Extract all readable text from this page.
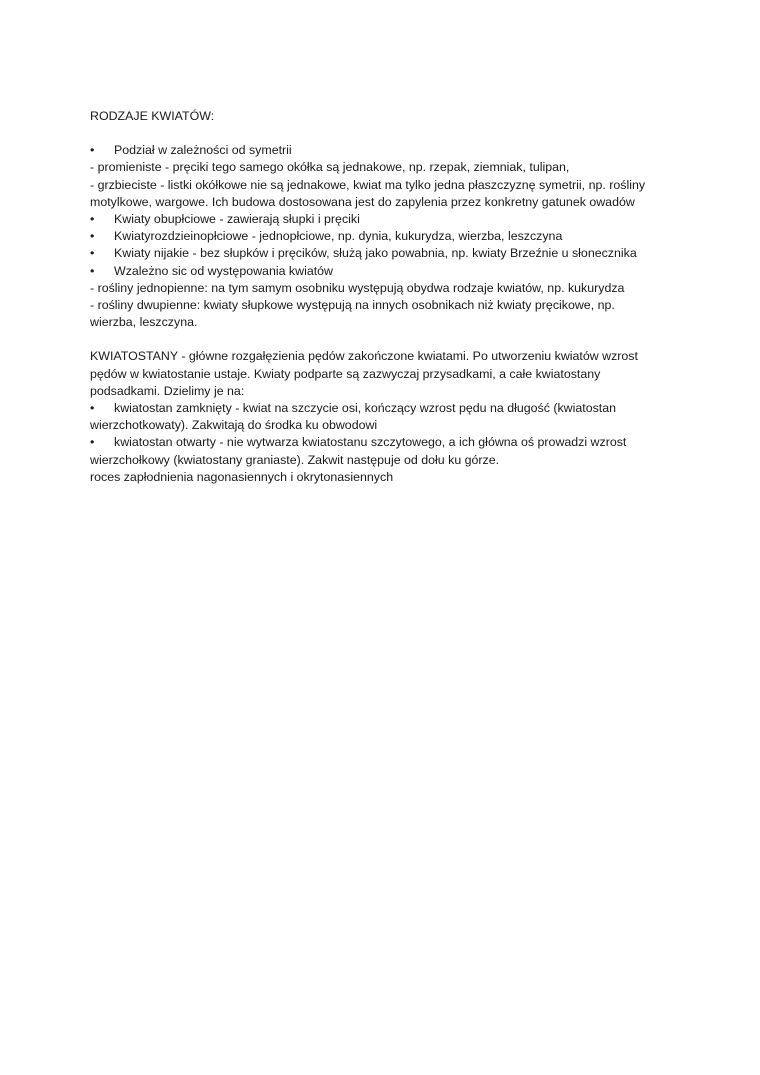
RODZAJE KWIATÓW:
•	Podział w zależności od symetrii
- promieniste - pręciki tego samego okółka są jednakowe, np. rzepak, ziemniak, tulipan,
- grzbieciste - listki okółkowe nie są jednakowe, kwiat ma tylko jedna płaszczyznę symetrii, np. rośliny
motylkowe, wargowe. Ich budowa dostosowana jest do zapylenia przez konkretny gatunek owadów
•	Kwiaty obupłciowe - zawierają słupki i pręciki
•	Kwiatyrozdzieinopłciowe - jednopłciowe, np. dynia, kukurydza, wierzba, leszczyna
•	Kwiaty nijakie - bez słupków i pręcików, służą jako powabnia, np. kwiaty Brzeźnie u słonecznika
•	Wzależno sic od występowania kwiatów
- rośliny jednopienne: na tym samym osobniku występują obydwa rodzaje kwiatów, np. kukurydza
- rośliny dwupienne: kwiaty słupkowe występują na innych osobnikach niż kwiaty pręcikowe, np.
wierzba, leszczyna.
KWIATOSTANY - główne rozgałęzienia pędów zakończone kwiatami. Po utworzeniu kwiatów wzrost
pędów w kwiatostanie ustaje. Kwiaty podparte są zazwyczaj przysadkami, a całe kwiatostany
podsadkami. Dzielimy je na:
•	kwiatostan zamknięty - kwiat na szczycie osi, kończący wzrost pędu na długość (kwiatostan
wierzchotkowaty). Zakwitają do środka ku obwodowi
•	kwiatostan otwarty - nie wytwarza kwiatostanu szczytowego, a ich główna oś prowadzi wzrost
wierzchołkowy (kwiatostany graniaste). Zakwit następuje od dołu ku górze.
roces zapłodnienia nagonasiennych i okrytonasiennych
